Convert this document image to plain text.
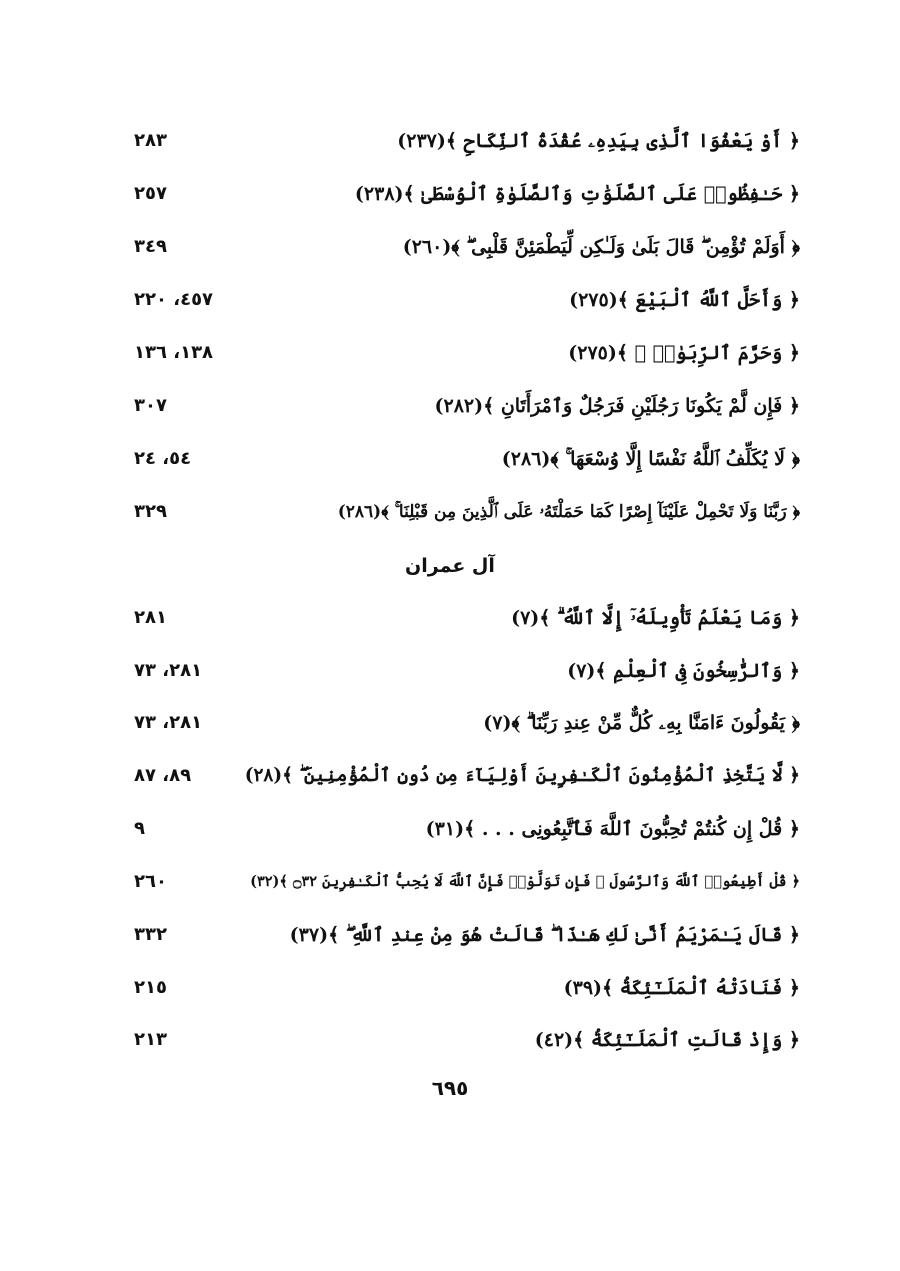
﴿ أَوْ يَعْفُوَا ٱلَّذِى بِيَدِهِۦ عُقْدَةُ ٱلنِّكَاحِ ﴾(٢٣٧)
٢٨٣
﴿ حَـٰفِظُوا۟ عَلَى ٱلصَّلَوَٰتِ وَٱلصَّلَوٰةِ ٱلْوُسْطَىٰ ﴾(٢٣٨)
٢٥٧
﴿ أَوَلَمْ تُؤْمِن ۖ قَالَ بَلَىٰ وَلَـٰكِن لِّيَطْمَئِنَّ قَلْبِى ۖ ﴾(٢٦٠)
٣٤٩
﴿ وَأَحَلَّ ٱللَّهُ ٱلْبَيْعَ ﴾(٢٧٥)
٤٥٧، ٢٢٠
﴿ وَحَرَّمَ ٱلرِّبَوٰا۟ ۚ ﴾(٢٧٥)
١٣٨، ١٣٦
﴿ فَإِن لَّمْ يَكُونَا رَجُلَيْنِ فَرَجُلٌ وَٱمْرَأَتَانِ ﴾(٢٨٢)
٣٠٧
﴿ لَا يُكَلِّفُ ٱللَّهُ نَفْسًا إِلَّا وُسْعَهَا ۚ ﴾(٢٨٦)
٥٤، ٢٤
﴿ رَبَّنَا وَلَا تَحْمِلْ عَلَيْنَآ إِصْرًا كَمَا حَمَلْتَهُۥ عَلَى ٱلَّذِينَ مِن قَبْلِنَا ۚ ﴾(٢٨٦)
٣٢٩
آل عمران
﴿ وَمَا يَعْلَمُ تَأْوِيلَهُۥٓ إِلَّا ٱللَّهُ ۗ ﴾(٧)
٢٨١
﴿ وَٱلرَّٰسِخُونَ فِى ٱلْعِلْمِ ﴾(٧)
٢٨١، ٧٣
﴿ يَقُولُونَ ءَامَنَّا بِهِۦ كُلٌّ مِّنْ عِندِ رَبِّنَا ۗ ﴾(٧)
٢٨١، ٧٣
﴿ لَّا يَتَّخِذِ ٱلْمُؤْمِنُونَ ٱلْكَـٰفِرِينَ أَوْلِيَآءَ مِن دُونِ ٱلْمُؤْمِنِينَ ۖ ﴾(٢٨)
٨٩، ٨٧
﴿ قُلْ إِن كُنتُمْ تُحِبُّونَ ٱللَّهَ فَٱتَّبِعُونِى . . . ﴾(٣١)
٩
﴿ قُلْ أَطِيعُوا۟ ٱللَّهَ وَٱلرَّسُولَ ۖ فَإِن تَوَلَّوْا۟ فَإِنَّ ٱللَّهَ لَا يُحِبُّ ٱلْكَـٰفِرِينَ ۝٣٢ ﴾(٣٢)
٢٦٠
﴿ قَالَ يَـٰمَرْيَمُ أَنَّىٰ لَكِ هَـٰذَا ۖ قَالَتْ هُوَ مِنْ عِندِ ٱللَّهِ ۖ ﴾(٣٧)
٣٣٢
﴿ فَنَادَتْهُ ٱلْمَلَـٰٓئِكَةُ ﴾(٣٩)
٢١٥
﴿ وَإِذْ قَالَتِ ٱلْمَلَـٰٓئِكَةُ ﴾(٤٢)
٢١٣
٦٩٥
